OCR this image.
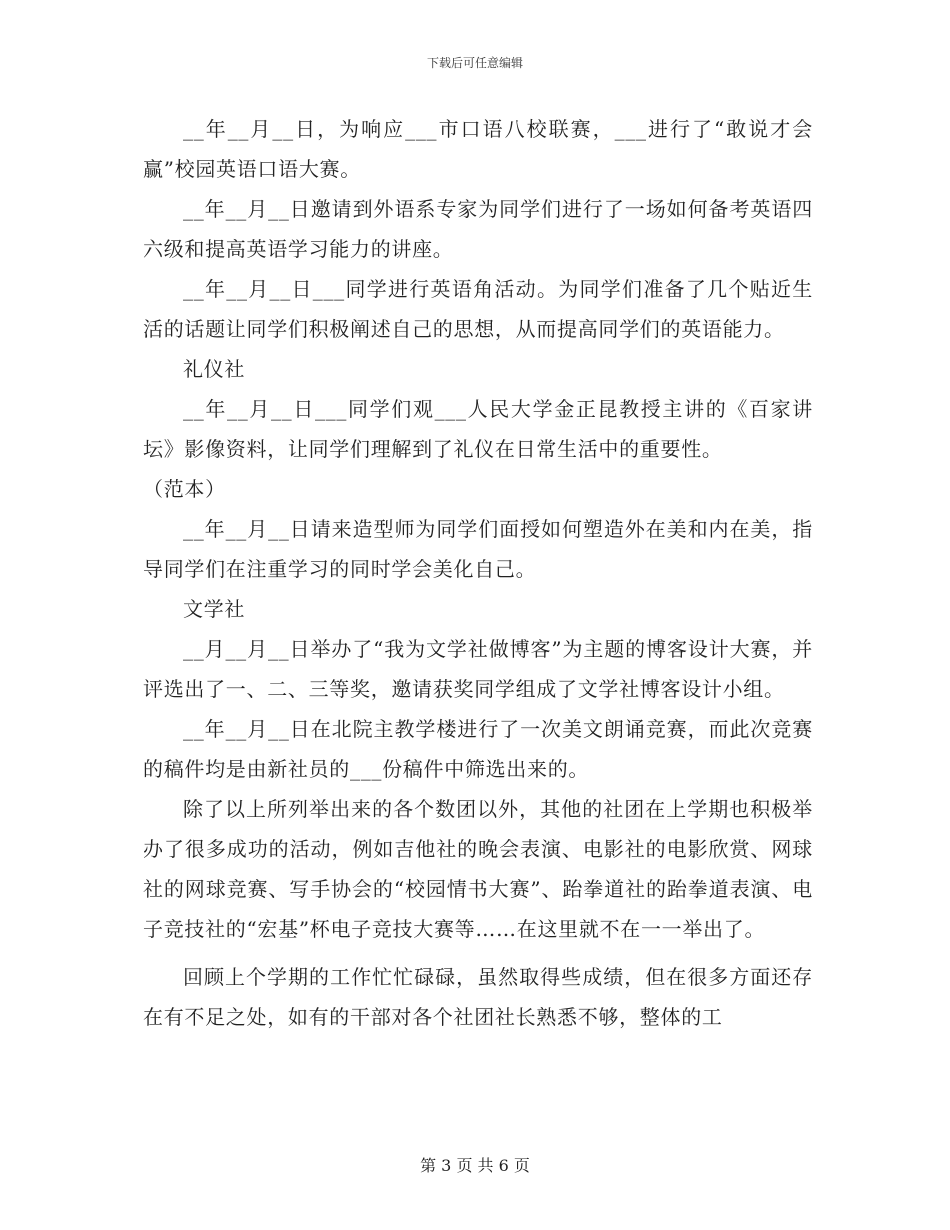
下载后可任意编辑

__年__月__日，为响应___市口语八校联赛，___进行了“敢说才会赢”校园英语口语大赛。

__年__月__日邀请到外语系专家为同学们进行了一场如何备考英语四六级和提高英语学习能力的讲座。

__年__月__日___同学进行英语角活动。为同学们准备了几个贴近生活的话题让同学们积极阐述自己的思想，从而提高同学们的英语能力。

礼仪社

__年__月__日___同学们观___人民大学金正昆教授主讲的《百家讲坛》影像资料，让同学们理解到了礼仪在日常生活中的重要性。

（范本）

__年__月__日请来造型师为同学们面授如何塑造外在美和内在美，指导同学们在注重学习的同时学会美化自己。

文学社

__月__月__日举办了“我为文学社做博客”为主题的博客设计大赛，并评选出了一、二、三等奖，邀请获奖同学组成了文学社博客设计小组。

__年__月__日在北院主教学楼进行了一次美文朗诵竞赛，而此次竞赛的稿件均是由新社员的___份稿件中筛选出来的。

除了以上所列举出来的各个数团以外，其他的社团在上学期也积极举办了很多成功的活动，例如吉他社的晚会表演、电影社的电影欣赏、网球社的网球竞赛、写手协会的“校园情书大赛”、跆拳道社的跆拳道表演、电子竞技社的“宏基”杯电子竞技大赛等……在这里就不在一一举出了。

回顾上个学期的工作忙忙碌碌，虽然取得些成绩，但在很多方面还存在有不足之处，如有的干部对各个社团社长熟悉不够，整体的工

第 3 页 共 6 页
